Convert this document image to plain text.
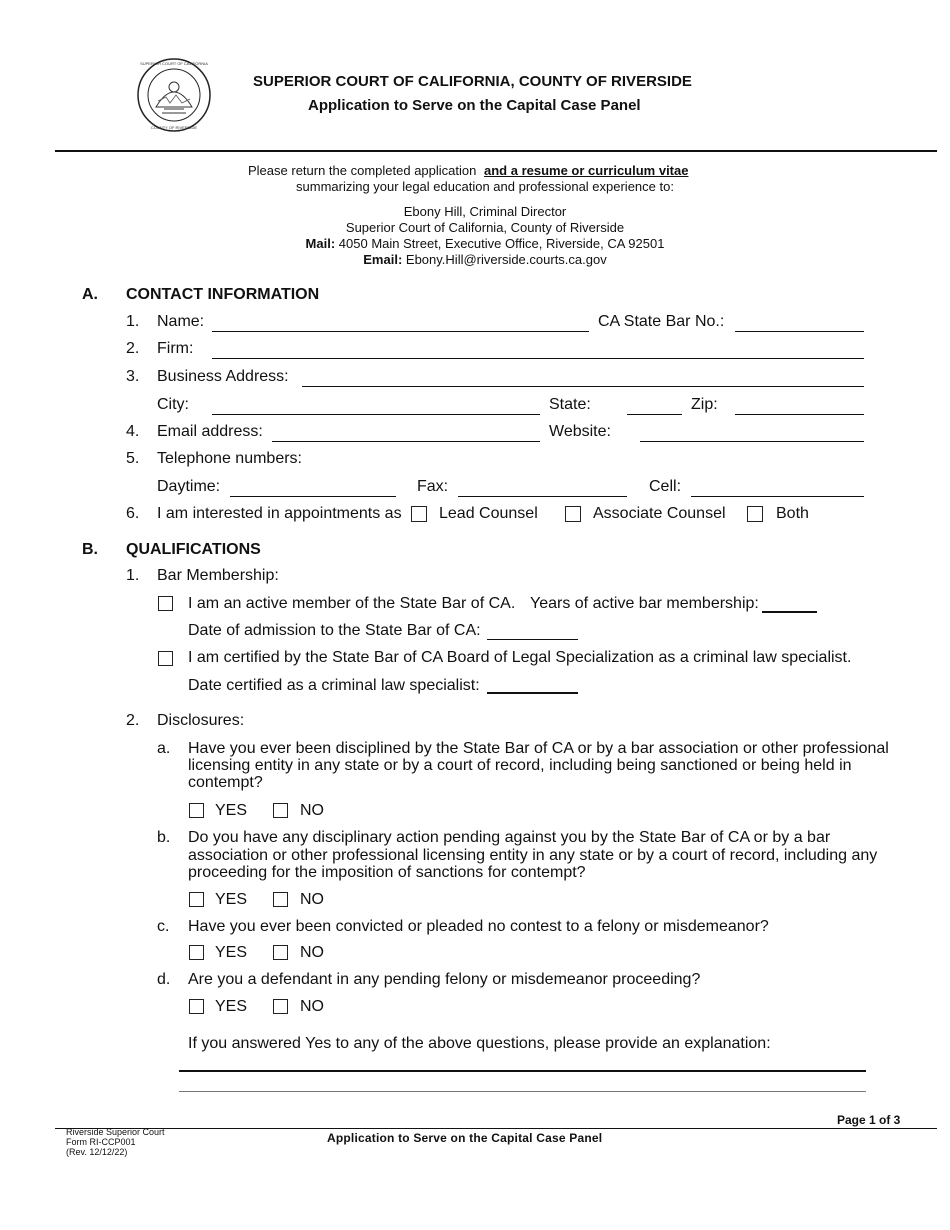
SUPERIOR COURT OF CALIFORNIA
COUNTY OF RIVERSIDE
SUPERIOR COURT OF CALIFORNIA, COUNTY OF RIVERSIDE
Application to Serve on the Capital Case Panel
Please return the completed application and a resume or curriculum vitae
summarizing your legal education and professional experience to:
Ebony Hill, Criminal Director
Superior Court of California, County of Riverside
Mail: 4050 Main Street, Executive Office, Riverside, CA 92501
Email: Ebony.Hill@riverside.courts.ca.gov
A. CONTACT INFORMATION
1. Name:	CA State Bar No.:
2. Firm:
3. Business Address:
City:	State:	Zip:
4. Email address:	Website:
5. Telephone numbers:
Daytime:	Fax:	Cell:
6. I am interested in appointments as Lead Counsel	Associate Counsel	Both
B. QUALIFICATIONS
1. Bar Membership:
I am an active member of the State Bar of CA. Years of active bar membership:
Date of admission to the State Bar of CA:
I am certified by the State Bar of CA Board of Legal Specialization as a criminal law specialist.
Date certified as a criminal law specialist:
2. Disclosures:
a. Have you ever been disciplined by the State Bar of CA or by a bar association or other professional
licensing entity in any state or by a court of record, including being sanctioned or being held in
contempt?
YES	NO
b. Do you have any disciplinary action pending against you by the State Bar of CA or by a bar
association or other professional licensing entity in any state or by a court of record, including any
proceeding for the imposition of sanctions for contempt?
YES	NO
c. Have you ever been convicted or pleaded no contest to a felony or misdemeanor?
YES	NO
d. Are you a defendant in any pending felony or misdemeanor proceeding?
YES	NO
If you answered Yes to any of the above questions, please provide an explanation:
Page 1 of 3
Riverside Superior Court
Form RI-CCP001
(Rev. 12/12/22)
Application to Serve on the Capital Case Panel
